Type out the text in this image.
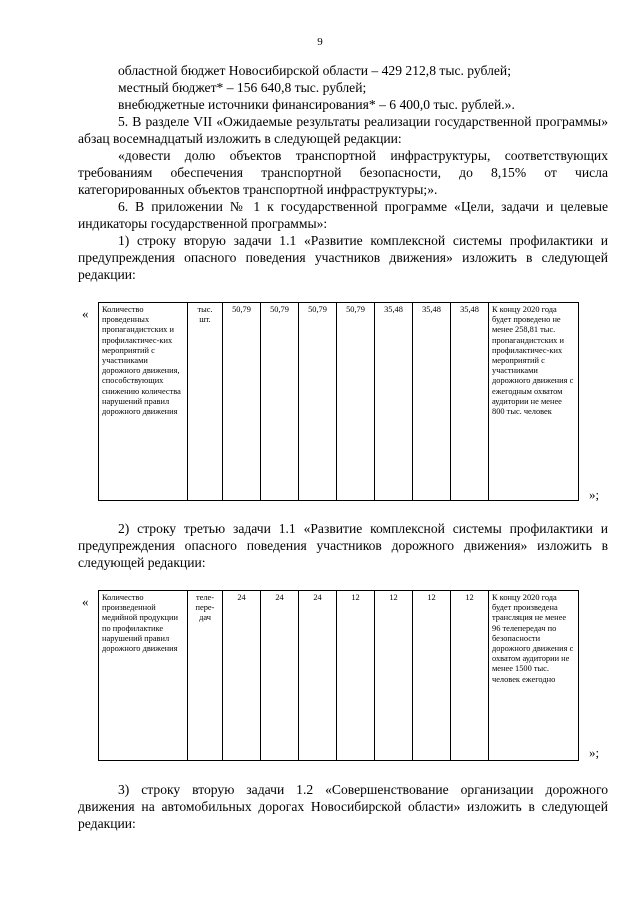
9

областной бюджет Новосибирской области – 429 212,8 тыс. рублей;

местный бюджет* – 156 640,8 тыс. рублей;

внебюджетные источники финансирования* – 6 400,0 тыс. рублей.».

5. В разделе VII «Ожидаемые результаты реализации государственной программы» абзац восемнадцатый изложить в следующей редакции:

«довести долю объектов транспортной инфраструктуры, соответствующих требованиям обеспечения транспортной безопасности, до 8,15% от числа категорированных объектов транспортной инфраструктуры;».

6. В приложении № 1 к государственной программе «Цели, задачи и целевые индикаторы государственной программы»:

1) строку вторую задачи 1.1 «Развитие комплексной системы профилактики и предупреждения опасного поведения участников движения» изложить в следующей редакции:

« Количество проведенных пропагандистских и профилактичес-ких мероприятий с участниками дорожного движения, способствующих снижению количества нарушений правил дорожного движения	тыс. шт.	50,79	50,79	50,79	50,79	35,48	35,48	35,48	К концу 2020 года будет проведено не менее 258,81 тыс. пропагандистских и профилактичес-ких мероприятий с участниками дорожного движения с ежегодным охватом аудитории не менее 800 тыс. человек
»;

2) строку третью задачи 1.1 «Развитие комплексной системы профилактики и предупреждения опасного поведения участников дорожного движения» изложить в следующей редакции:

« Количество произведенной медийной продукции по профилактике нарушений правил дорожного движения	теле-пере-дач	24	24	24	12	12	12	12	К концу 2020 года будет произведена трансляция не менее 96 телепередач по безопасности дорожного движения с охватом аудитории не менее 1500 тыс. человек ежегодно
»;

3) строку вторую задачи 1.2 «Совершенствование организации дорожного движения на автомобильных дорогах Новосибирской области» изложить в следующей редакции:
